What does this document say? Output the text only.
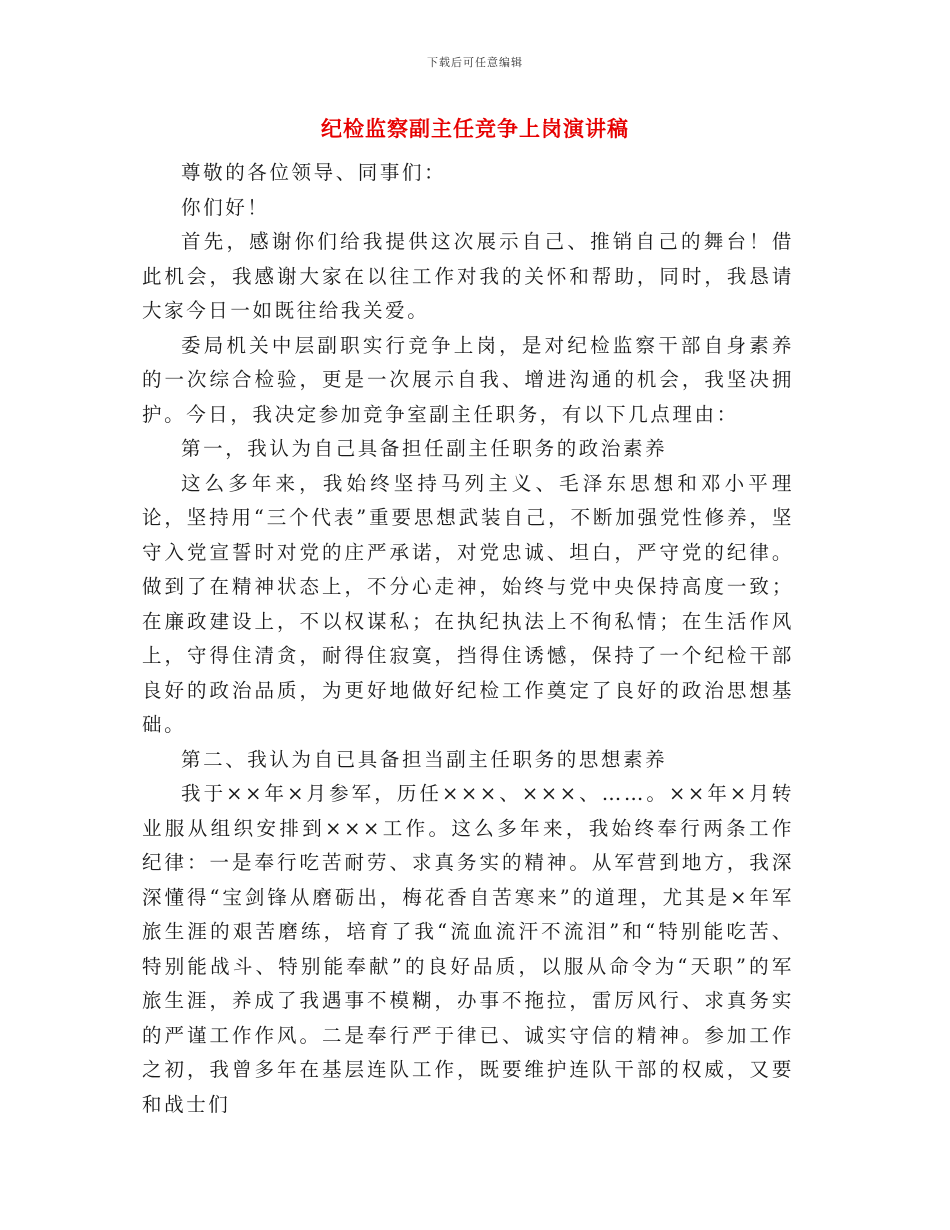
下载后可任意编辑
纪检监察副主任竞争上岗演讲稿

尊敬的各位领导、同事们：

你们好！

首先，感谢你们给我提供这次展示自己、推销自己的舞台！借此机会，我感谢大家在以往工作对我的关怀和帮助，同时，我恳请大家今日一如既往给我关爱。

委局机关中层副职实行竞争上岗，是对纪检监察干部自身素养的一次综合检验，更是一次展示自我、增进沟通的机会，我坚决拥护。今日，我决定参加竞争室副主任职务，有以下几点理由：

第一，我认为自己具备担任副主任职务的政治素养

这么多年来，我始终坚持马列主义、毛泽东思想和邓小平理论，坚持用“三个代表”重要思想武装自己，不断加强党性修养，坚守入党宣誓时对党的庄严承诺，对党忠诚、坦白，严守党的纪律。做到了在精神状态上，不分心走神，始终与党中央保持高度一致；在廉政建设上，不以权谋私；在执纪执法上不徇私情；在生活作风上，守得住清贪，耐得住寂寞，挡得住诱憾，保持了一个纪检干部良好的政治品质，为更好地做好纪检工作奠定了良好的政治思想基础。

第二、我认为自已具备担当副主任职务的思想素养

我于××年×月参军，历任×××、×××、……。××年×月转业服从组织安排到×××工作。这么多年来，我始终奉行两条工作纪律：一是奉行吃苦耐劳、求真务实的精神。从军营到地方，我深深懂得“宝剑锋从磨砺出，梅花香自苦寒来”的道理，尤其是×年军旅生涯的艰苦磨练，培育了我“流血流汗不流泪”和“特别能吃苦、特别能战斗、特别能奉献”的良好品质，以服从命令为“天职”的军旅生涯，养成了我遇事不模糊，办事不拖拉，雷厉风行、求真务实的严谨工作作风。二是奉行严于律已、诚实守信的精神。参加工作之初，我曾多年在基层连队工作，既要维护连队干部的权威，又要和战士们
